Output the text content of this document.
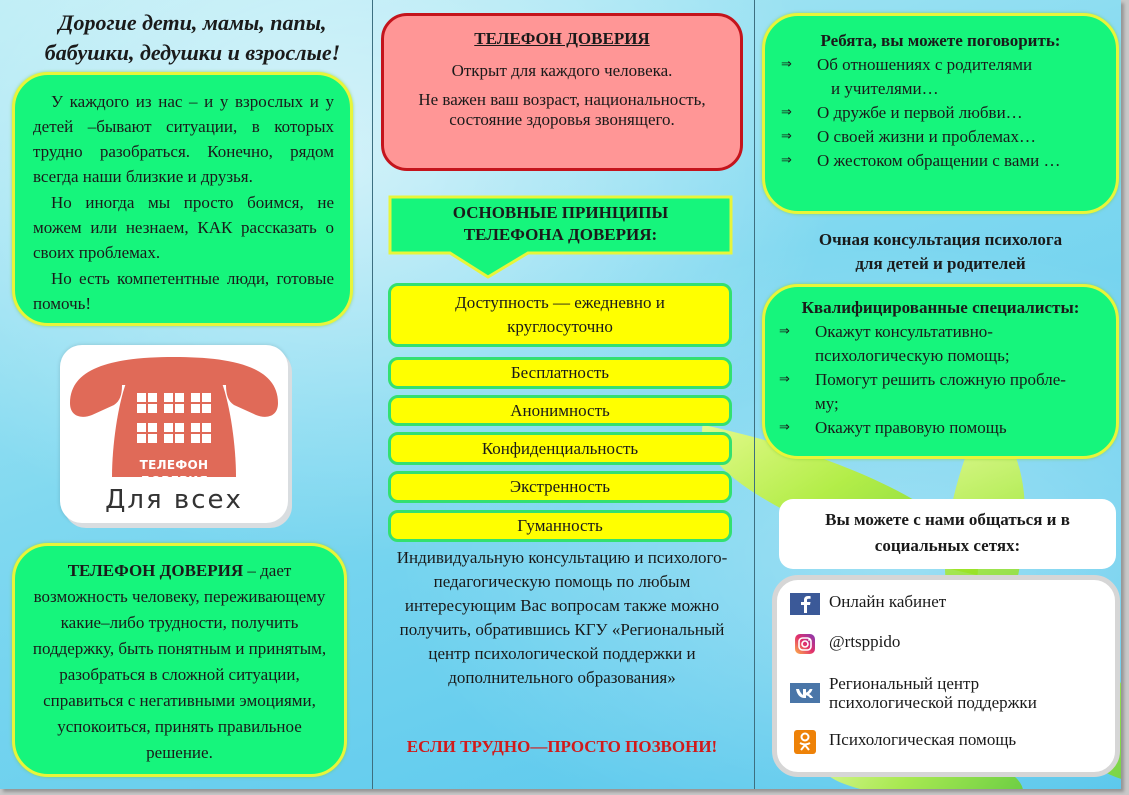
Дорогие дети, мамы, папы,
бабушки, дедушки и взрослые!

У каждого из нас – и у взрослых и у детей –бывают ситуации, в которых трудно разобраться. Конечно, рядом всегда наши близкие и друзья.

Но иногда мы просто боимся, не можем или незнаем, КАК рассказать о своих проблемах.

Но есть компетентные люди, готовые помочь!

ТЕЛЕФОН ДОВЕРИЯ
Для всех

ТЕЛЕФОН ДОВЕРИЯ – дает возможность человеку, переживающему какие–либо трудности, получить поддержку, быть понятным и принятым, разобраться в сложной ситуации, справиться с негативными эмоциями, успокоиться, принять правильное решение.

ТЕЛЕФОН ДОВЕРИЯ
Открыт для каждого человека.
Не важен ваш возраст, национальность, состояние здоровья звонящего.
ОСНОВНЫЕ ПРИНЦИПЫ
ТЕЛЕФОНА ДОВЕРИЯ:
Доступность — ежедневно и круглосуточно
Бесплатность
Анонимность
Конфиденциальность
Экстренность
Гуманность
Индивидуальную консультацию и психолого-педагогическую помощь по любым интересующим Вас вопросам также можно получить, обратившись КГУ «Региональный центр психологической поддержки и дополнительного образования»
ЕСЛИ ТРУДНО—ПРОСТО ПОЗВОНИ!
Ребята, вы можете поговорить:
⇒	Об отношениях с родителями
и учителями…
⇒	О дружбе и первой любви…
⇒	О своей жизни и проблемах…
⇒	О жестоком обращении с вами …
Очная консультация психолога
для детей и родителей
Квалифицированные специалисты:
⇒	Окажут консультативно-
психологическую помощь;
⇒	Помогут решить сложную пробле-
му;
⇒	Окажут правовую помощь
Вы можете с нами общаться и в
социальных сетях:
Онлайн кабинет
@rtsppido
Региональный центр
психологической поддержки
Психологическая помощь
